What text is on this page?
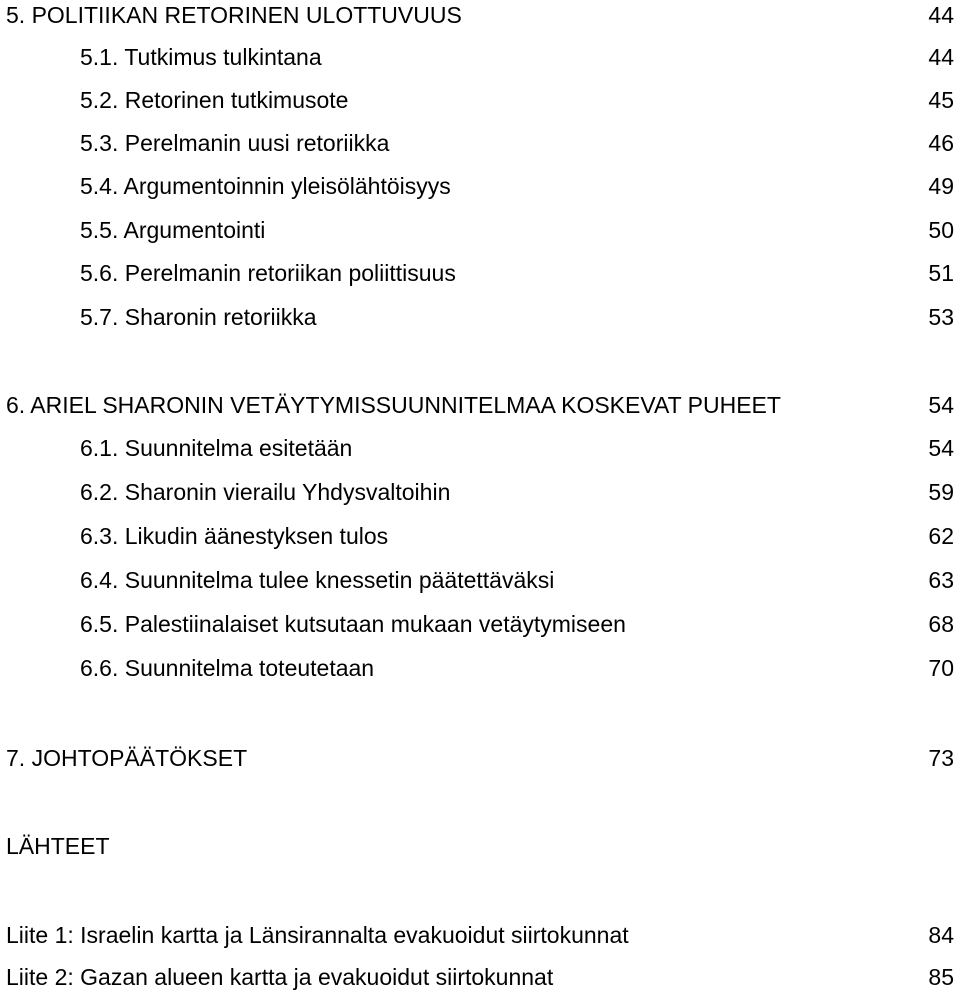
5. POLITIIKAN RETORINEN ULOTTUVUUS	44
5.1. Tutkimus tulkintana	44
5.2. Retorinen tutkimusote	45
5.3. Perelmanin uusi retoriikka	46
5.4. Argumentoinnin yleisölähtöisyys	49
5.5. Argumentointi	50
5.6. Perelmanin retoriikan poliittisuus	51
5.7. Sharonin retoriikka	53
6. ARIEL SHARONIN VETÄYTYMISSUUNNITELMAA KOSKEVAT PUHEET	54
6.1. Suunnitelma esitetään	54
6.2. Sharonin vierailu Yhdysvaltoihin	59
6.3. Likudin äänestyksen tulos	62
6.4. Suunnitelma tulee knessetin päätettäväksi	63
6.5. Palestiinalaiset kutsutaan mukaan vetäytymiseen	68
6.6. Suunnitelma toteutetaan	70
7. JOHTOPÄÄTÖKSET	73
LÄHTEET
Liite 1: Israelin kartta ja Länsirannalta evakuoidut siirtokunnat	84
Liite 2: Gazan alueen kartta ja evakuoidut siirtokunnat	85
